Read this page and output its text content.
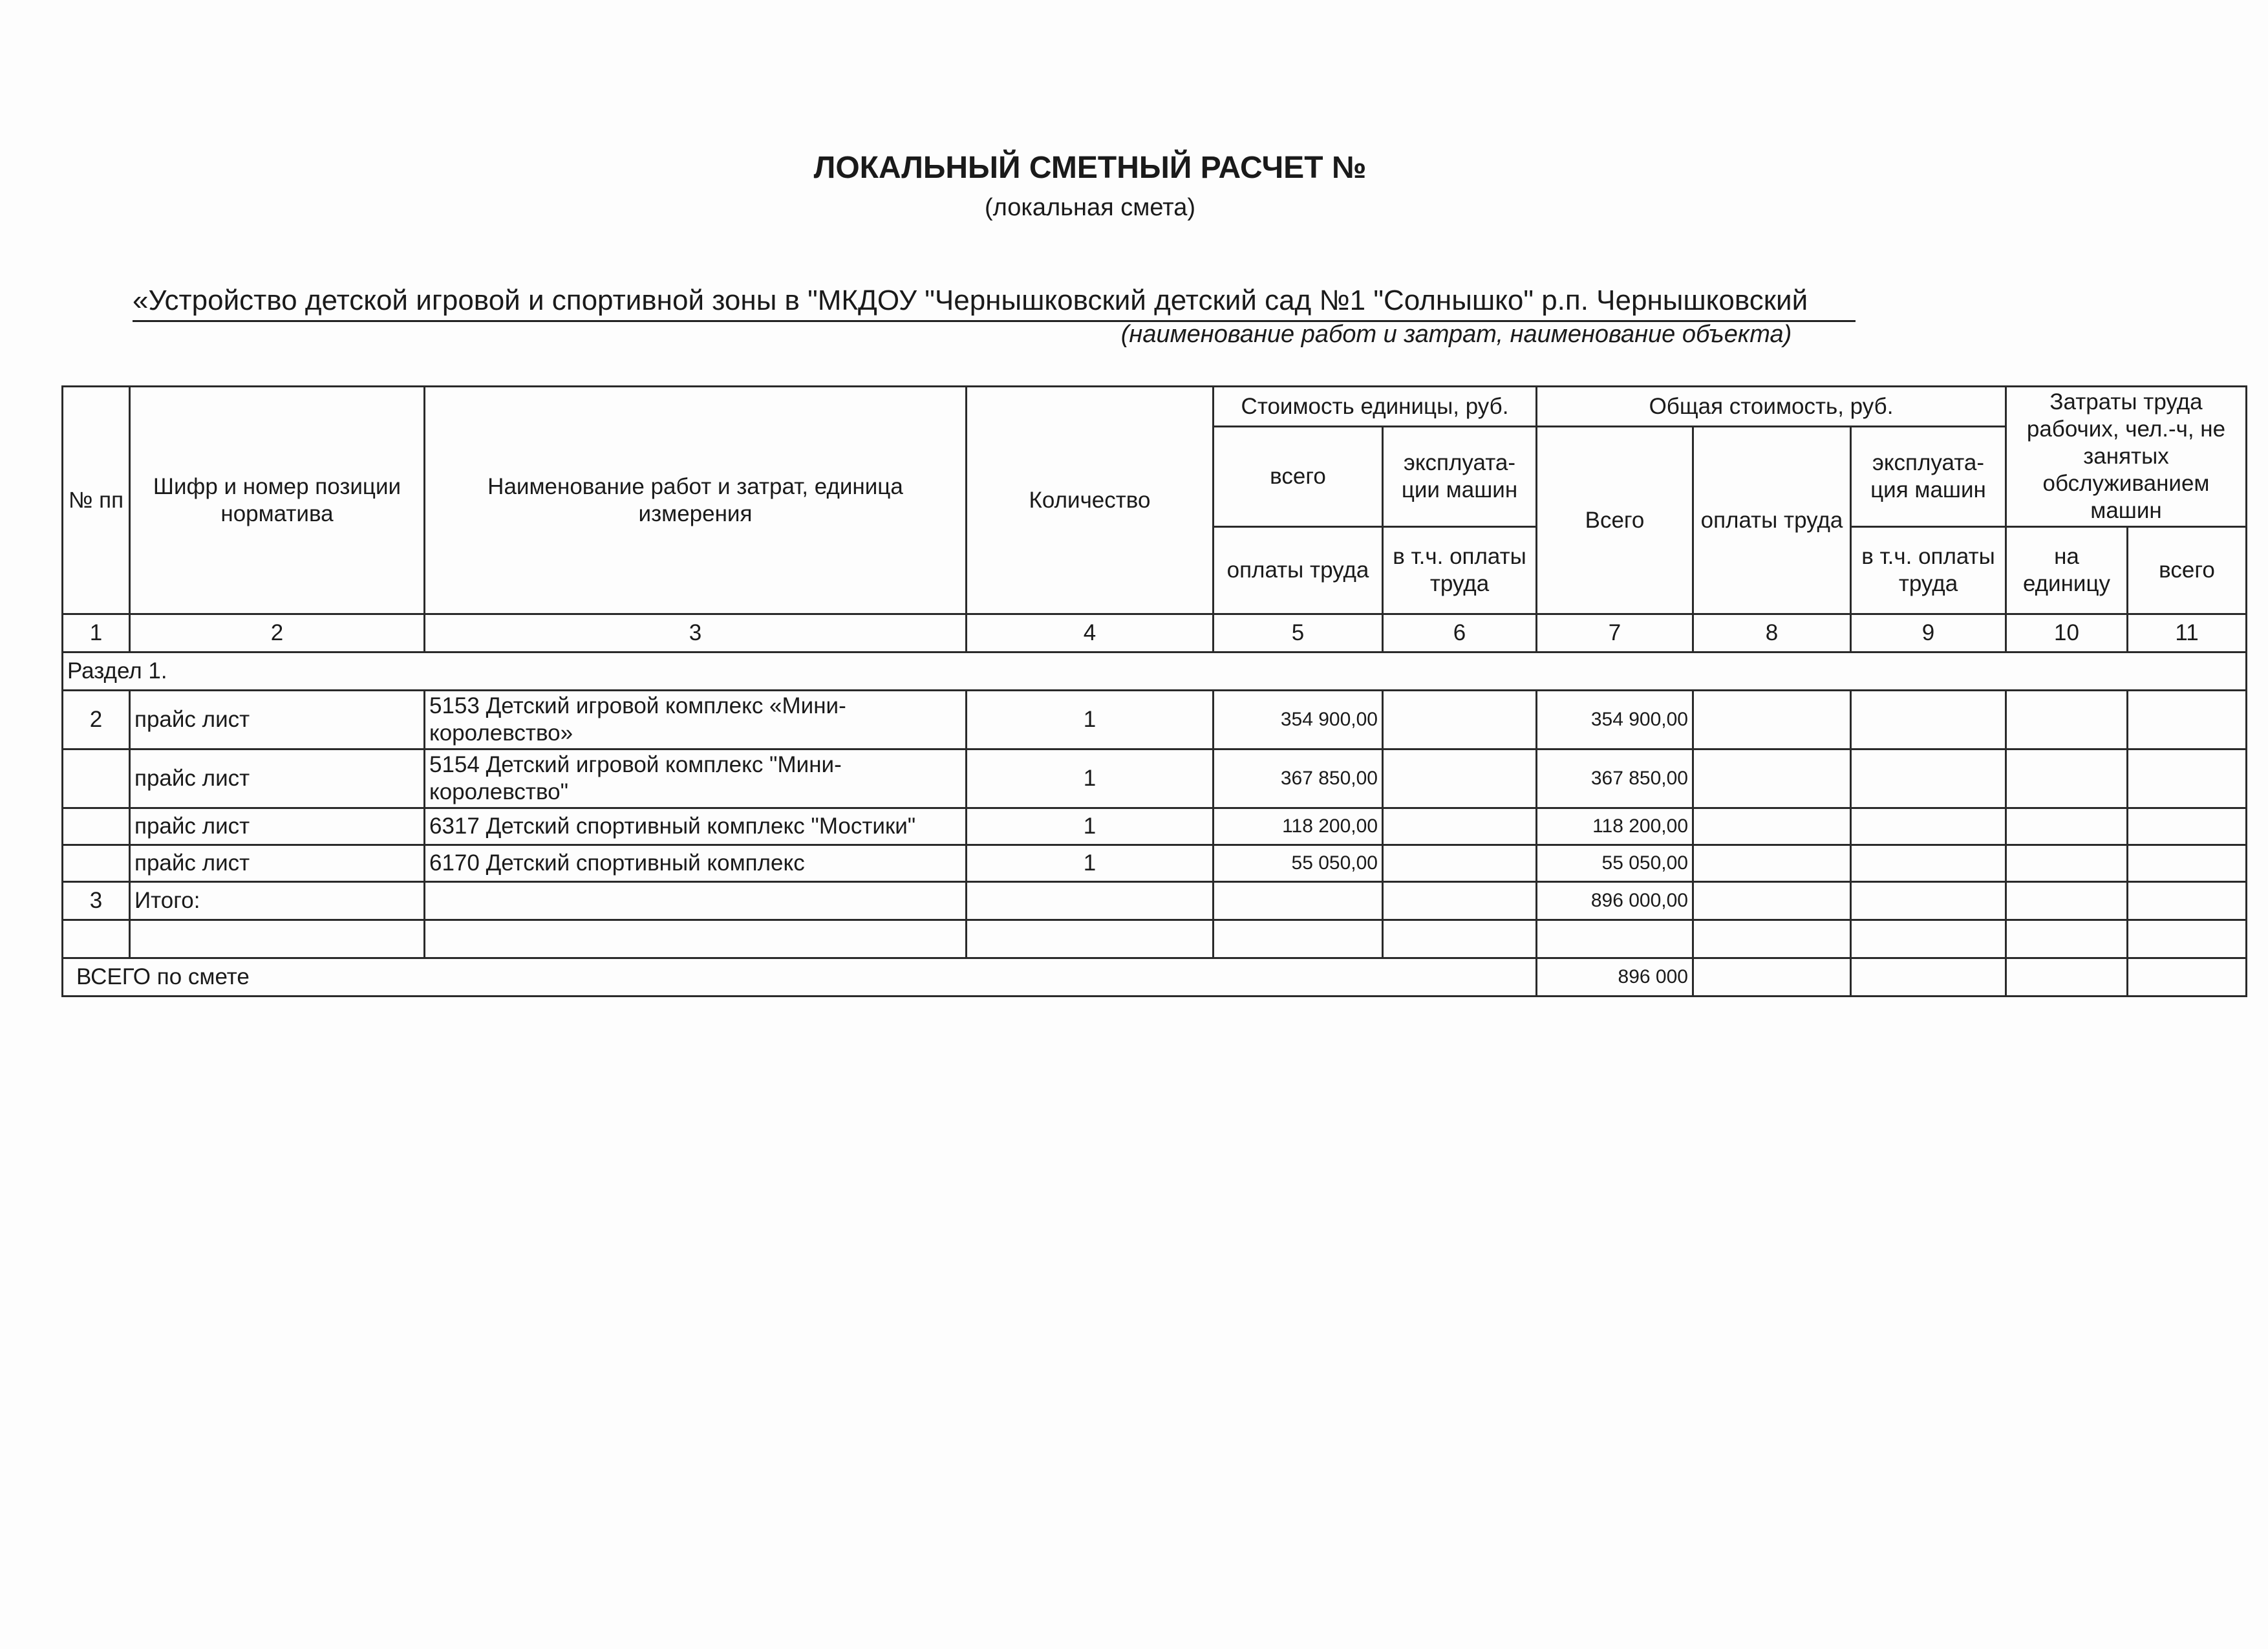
ЛОКАЛЬНЫЙ СМЕТНЫЙ РАСЧЕТ №
(локальная смета)
«Устройство детской игровой и спортивной зоны в "МКДОУ "Чернышковский детский сад №1 "Солнышко" р.п. Чернышковский
(наименование работ и затрат, наименование объекта)
№ пп	Шифр и номер позиции норматива	Наименование работ и затрат, единица измерения	Количество	Стоимость единицы, руб.		Общая стоимость, руб.			Затраты труда рабочих, чел.-ч, не занятых обслуживанием машин	
				всего	эксплуата-ции машин	Всего	оплаты труда	эксплуата-ция машин		
				оплаты труда	в т.ч. оплаты труда			в т.ч. оплаты труда	на единицу	всего
1	2	3	4	5	6	7	8	9	10	11
Раздел 1.										
2	прайс лист	5153 Детский игровой комплекс «Мини-королевство»	1	354 900,00		354 900,00				
	прайс лист	5154 Детский игровой комплекс "Мини-королевство"	1	367 850,00		367 850,00				
	прайс лист	6317 Детский спортивный комплекс "Мостики"	1	118 200,00		118 200,00				
	прайс лист	6170 Детский спортивный комплекс	1	55 050,00		55 050,00				
3	Итого:					896 000,00				

ВСЕГО по смете						896 000				
